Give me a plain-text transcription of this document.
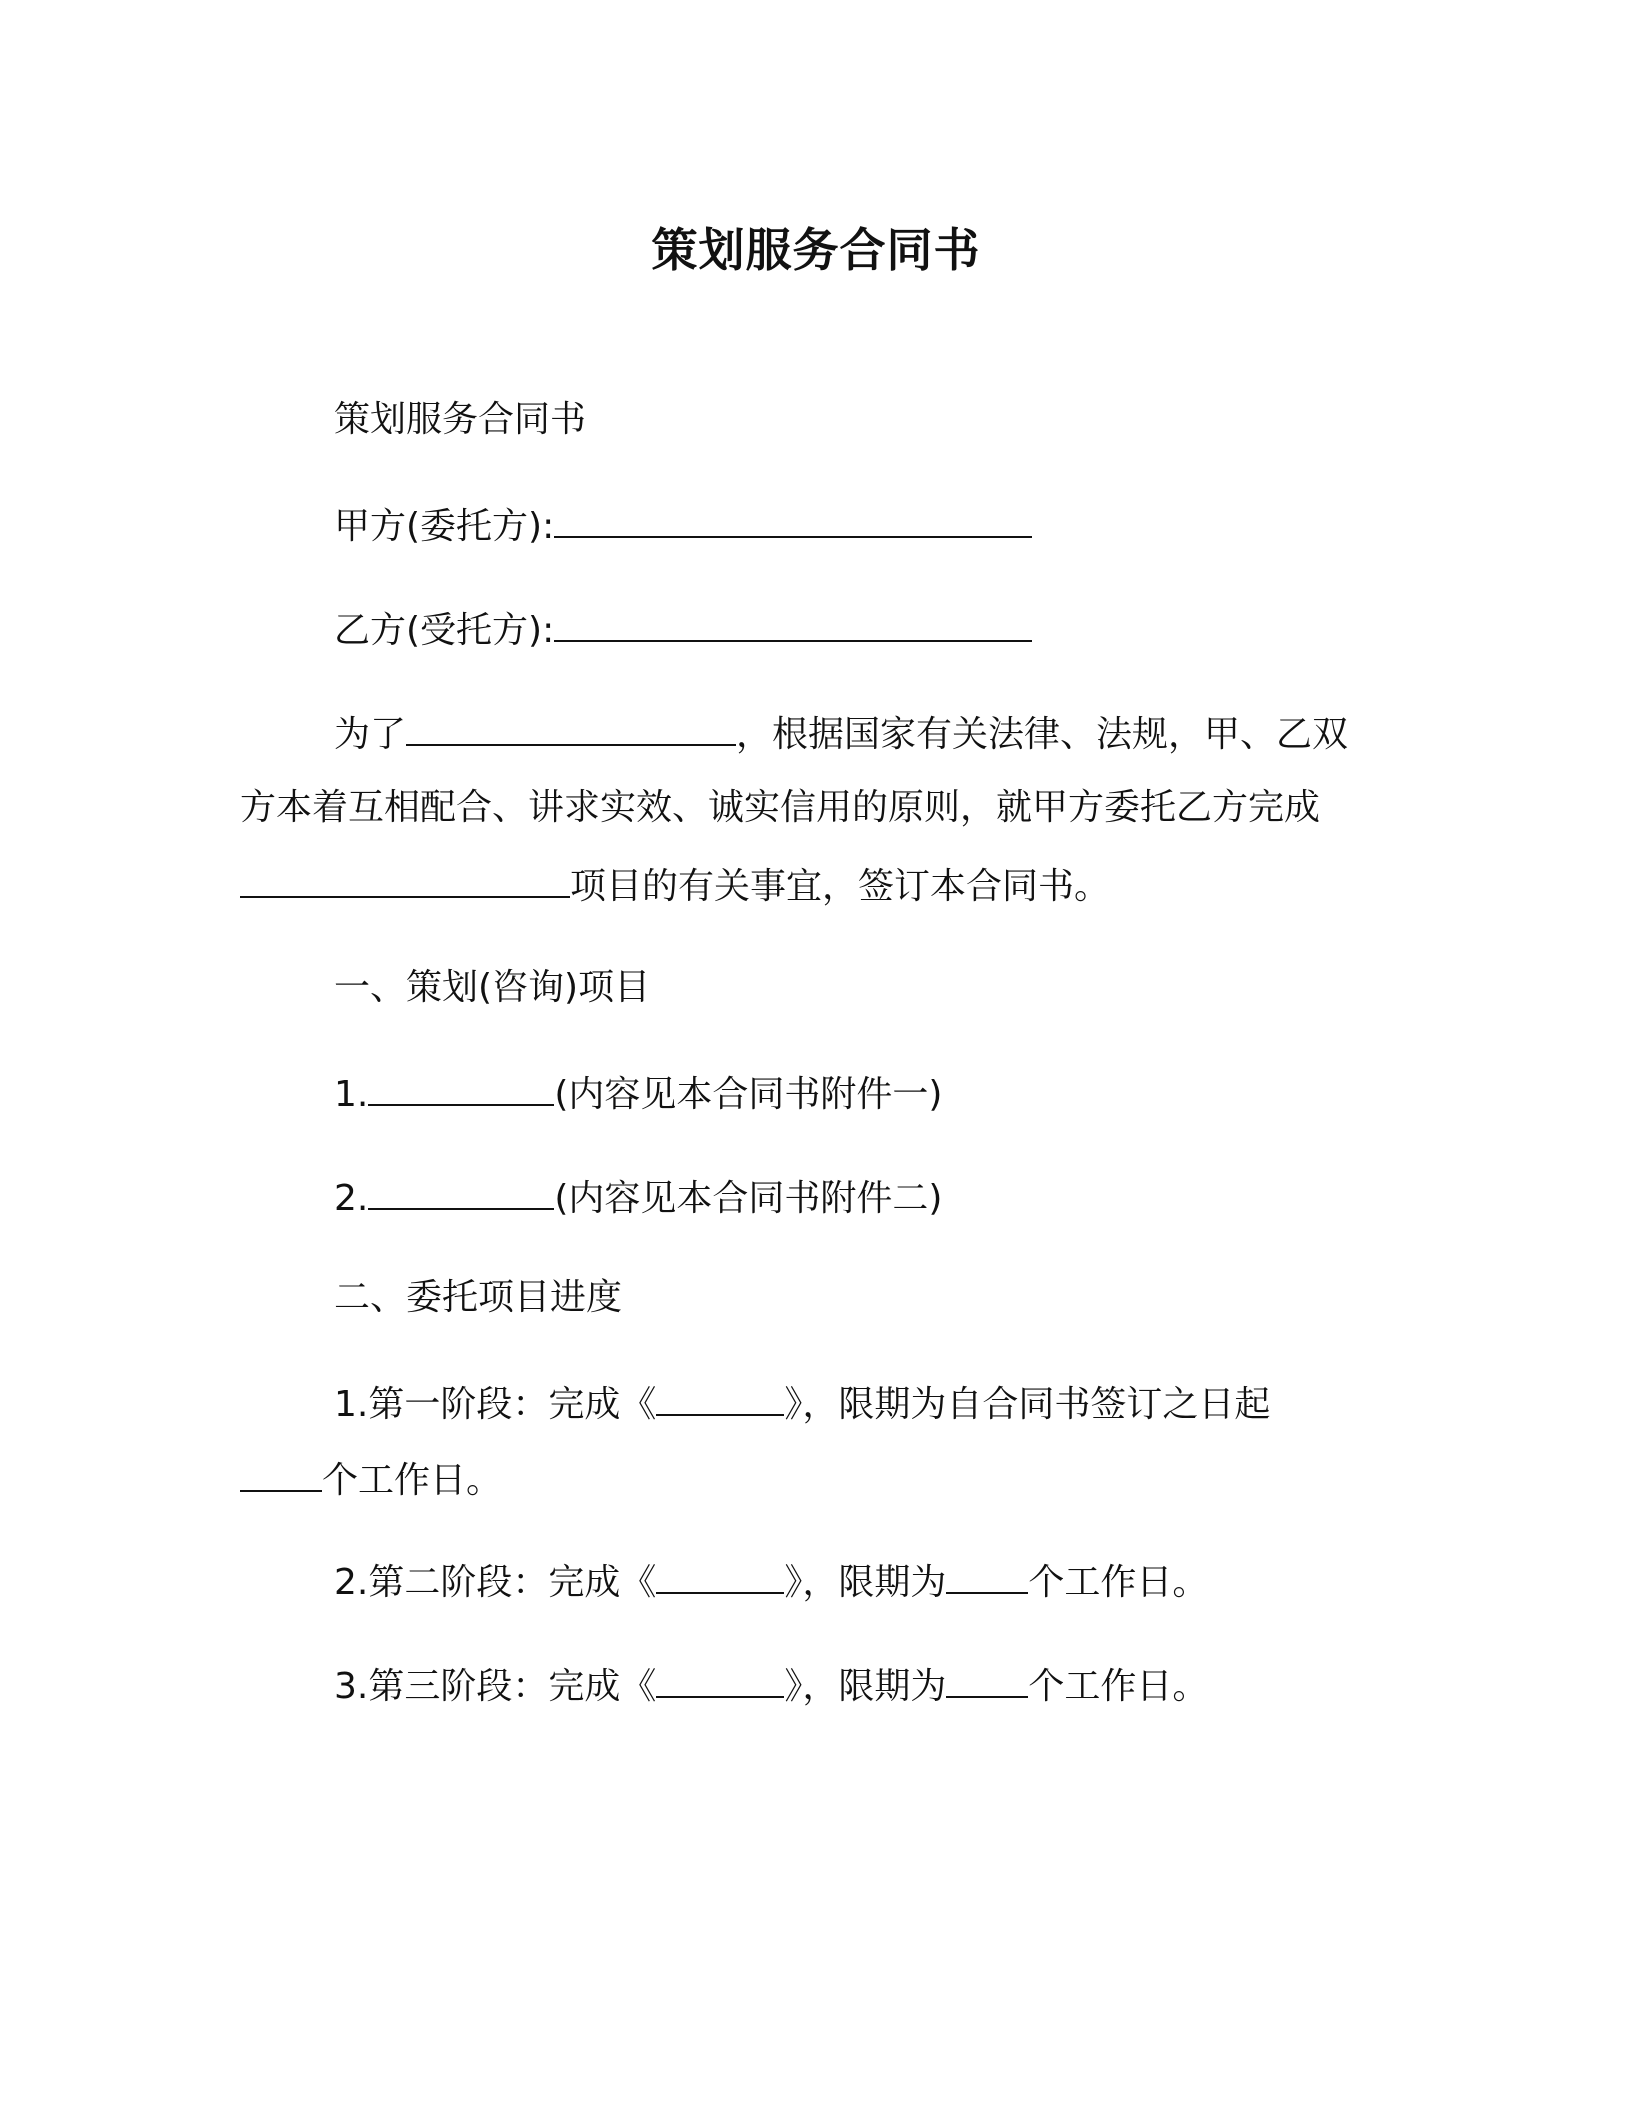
策划服务合同书
策划服务合同书
甲方(委托方):
乙方(受托方):
为了	，根据国家有关法律、法规，甲、乙双
方本着互相配合、讲求实效、诚实信用的原则，就甲方委托乙方完成
项目的有关事宜，签订本合同书。
一、策划(咨询)项目
1.	(内容见本合同书附件一)
2.	(内容见本合同书附件二)
二、委托项目进度
1.第一阶段：完成《	》，限期为自合同书签订之日起
个工作日。
2.第二阶段：完成《	》，限期为 个工作日。
3.第三阶段：完成《	》，限期为 个工作日。
